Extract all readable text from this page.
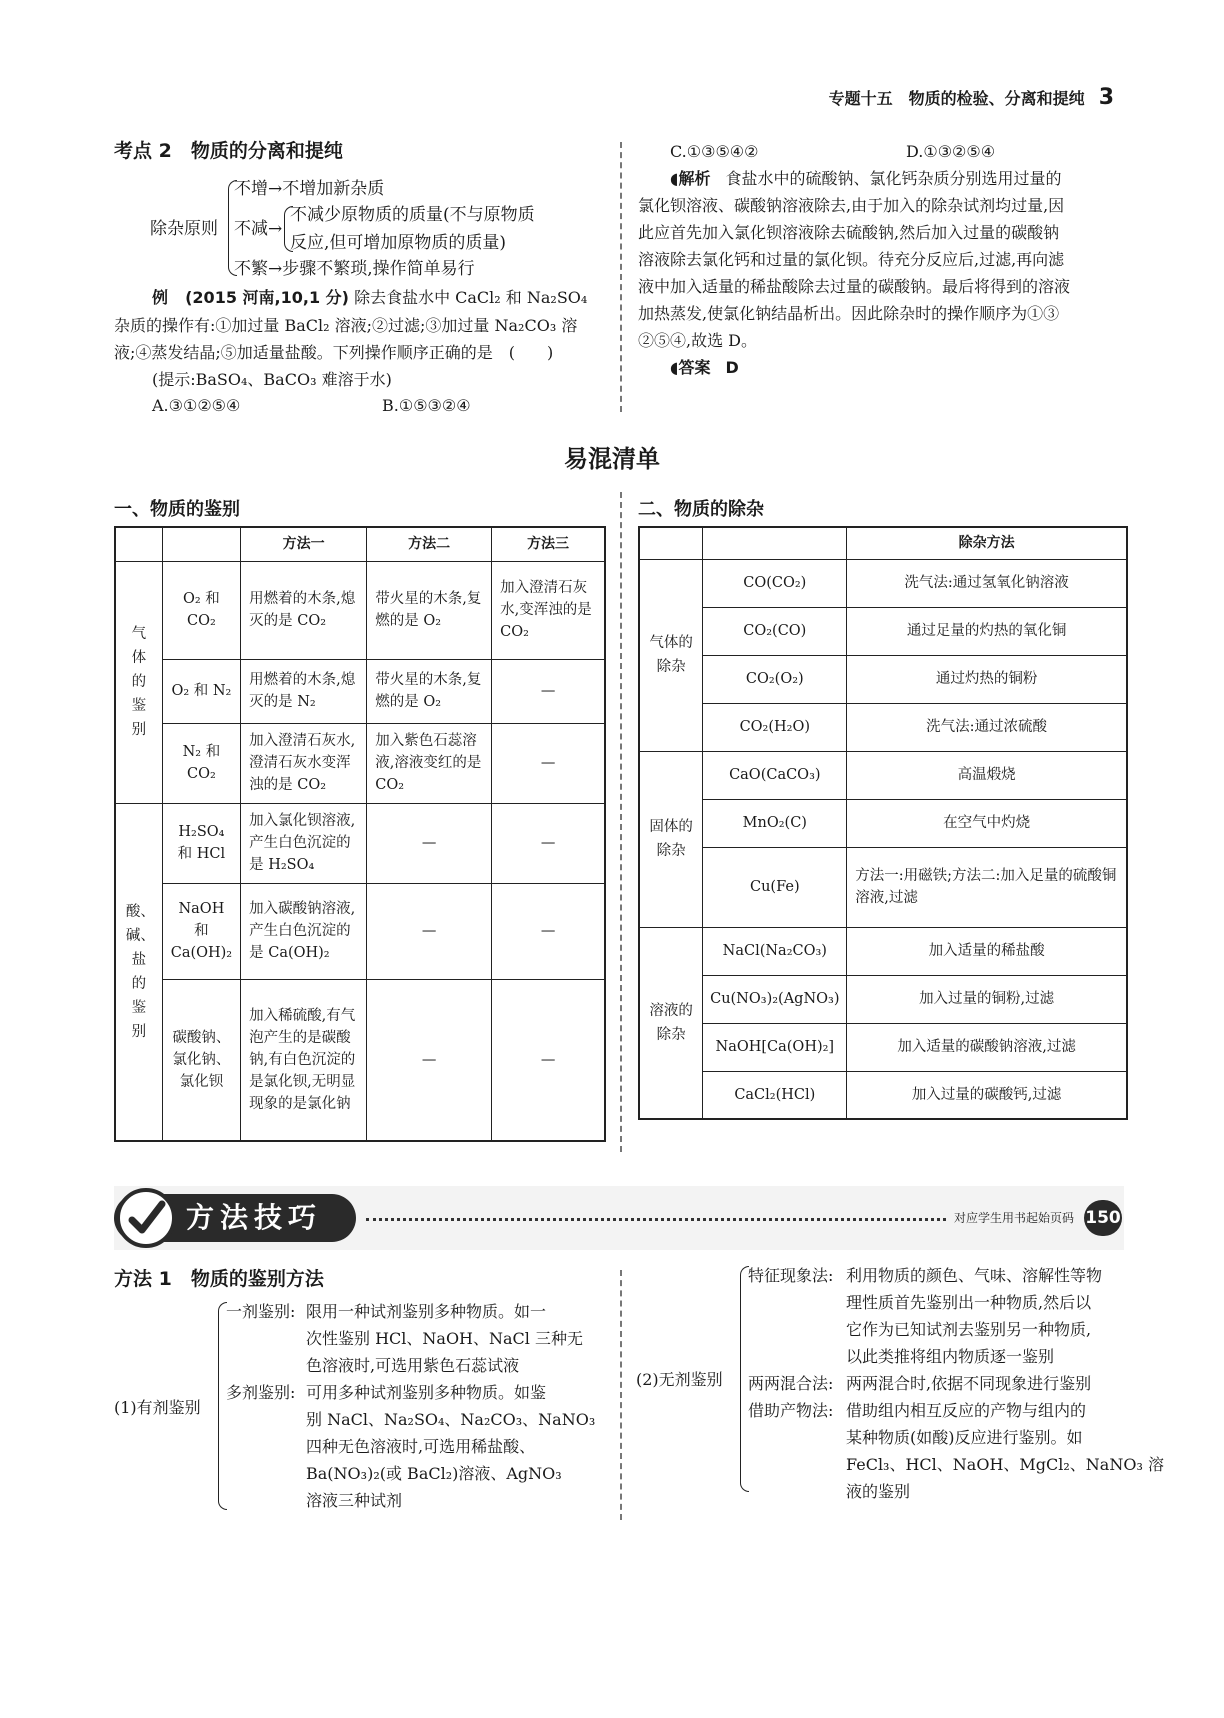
专题十五　物质的检验、分离和提纯 3
考点 2　物质的分离和提纯
除杂原则
不增→不增加新杂质
不减→
不减少原物质的质量(不与原物质
反应,但可增加原物质的质量)
不繁→步骤不繁琐,操作简单易行
例 (2015 河南,10,1 分) 除去食盐水中 CaCl₂ 和 Na₂SO₄
杂质的操作有:①加过量 BaCl₂ 溶液;②过滤;③加过量 Na₂CO₃ 溶
液;④蒸发结晶;⑤加适量盐酸。下列操作顺序正确的是　(　　)
(提示:BaSO₄、BaCO₃ 难溶于水)
A.③①②⑤④	B.①⑤③②④
C.①③⑤④②	D.①③②⑤④
◖解析 食盐水中的硫酸钠、氯化钙杂质分别选用过量的
氯化钡溶液、碳酸钠溶液除去,由于加入的除杂试剂均过量,因
此应首先加入氯化钡溶液除去硫酸钠,然后加入过量的碳酸钠
溶液除去氯化钙和过量的氯化钡。待充分反应后,过滤,再向滤
液中加入适量的稀盐酸除去过量的碳酸钠。最后将得到的溶液
加热蒸发,使氯化钠结晶析出。因此除杂时的操作顺序为①③
②⑤④,故选 D。
◖答案 D
易混清单
一、物质的鉴别
		方法一	方法二	方法三

气体的鉴别	O₂ 和 CO₂	用燃着的木条,熄灭的是 CO₂	带火星的木条,复燃的是 O₂	加入澄清石灰水,变浑浊的是 CO₂
	O₂ 和 N₂	用燃着的木条,熄灭的是 N₂	带火星的木条,复燃的是 O₂	—
	N₂ 和 CO₂	加入澄清石灰水,澄清石灰水变浑浊的是 CO₂	加入紫色石蕊溶液,溶液变红的是 CO₂	—

酸、碱、盐的鉴别	H₂SO₄ 和 HCl	加入氯化钡溶液,产生白色沉淀的是 H₂SO₄	—	—
	NaOH 和 Ca(OH)₂	加入碳酸钠溶液,产生白色沉淀的是 Ca(OH)₂	—	—
	碳酸钠、氯化钠、氯化钡	加入稀硫酸,有气泡产生的是碳酸钠,有白色沉淀的是氯化钡,无明显现象的是氯化钠	—	—
二、物质的除杂
		除杂方法

气体的除杂	CO(CO₂)	洗气法:通过氢氧化钠溶液
	CO₂(CO)	通过足量的灼热的氧化铜
	CO₂(O₂)	通过灼热的铜粉
	CO₂(H₂O)	洗气法:通过浓硫酸

固体的除杂	CaO(CaCO₃)	高温煅烧
	MnO₂(C)	在空气中灼烧
	Cu(Fe)	方法一:用磁铁;方法二:加入足量的硫酸铜溶液,过滤

溶液的除杂	NaCl(Na₂CO₃)	加入适量的稀盐酸
	Cu(NO₃)₂(AgNO₃)	加入过量的铜粉,过滤
	NaOH[Ca(OH)₂]	加入适量的碳酸钠溶液,过滤
	CaCl₂(HCl)	加入过量的碳酸钙,过滤
方法技巧	对应学生用书起始页码 150
方法 1　物质的鉴别方法
(1)有剂鉴别
一剂鉴别: 限用一种试剂鉴别多种物质。如一
次性鉴别 HCl、NaOH、NaCl 三种无
色溶液时,可选用紫色石蕊试液
多剂鉴别: 可用多种试剂鉴别多种物质。如鉴
别 NaCl、Na₂SO₄、Na₂CO₃、NaNO₃
四种无色溶液时,可选用稀盐酸、
Ba(NO₃)₂(或 BaCl₂)溶液、AgNO₃
溶液三种试剂
(2)无剂鉴别
特征现象法: 利用物质的颜色、气味、溶解性等物
理性质首先鉴别出一种物质,然后以
它作为已知试剂去鉴别另一种物质,
以此类推将组内物质逐一鉴别
两两混合法: 两两混合时,依据不同现象进行鉴别
借助产物法: 借助组内相互反应的产物与组内的
某种物质(如酸)反应进行鉴别。如
FeCl₃、HCl、NaOH、MgCl₂、NaNO₃ 溶
液的鉴别
